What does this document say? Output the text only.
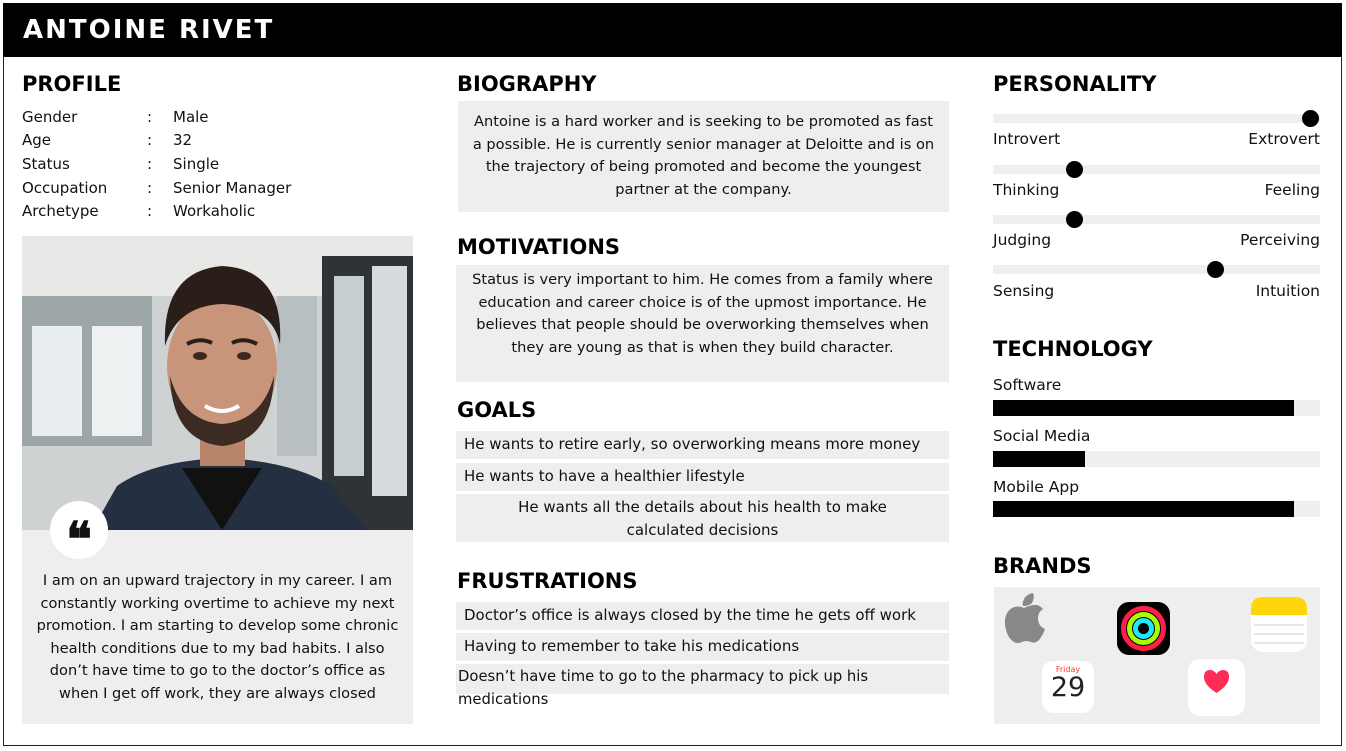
ANTOINE RIVET
PROFILE
Gender	:	Male
Age	:	32
Status	:	Single
Occupation	:	Senior Manager
Archetype	:	Workaholic
❝
I am on an upward trajectory in my career. I am constantly working overtime to achieve my next promotion. I am starting to develop some chronic health conditions due to my bad habits. I also don’t have time to go to the doctor’s office as when I get off work, they are always closed
BIOGRAPHY
Antoine is a hard worker and is seeking to be promoted as fast a possible. He is currently senior manager at Deloitte and is on the trajectory of being promoted and become the youngest partner at the company.
MOTIVATIONS
Status is very important to him. He comes from a family where education and career choice is of the upmost importance. He believes that people should be overworking themselves when they are young as that is when they build character.
GOALS
He wants to retire early, so overworking means more money
He wants to have a healthier lifestyle
He wants all the details about his health to make calculated decisions
FRUSTRATIONS
Doctor’s office is always closed by the time he gets off work
Having to remember to take his medications
Doesn’t have time to go to the pharmacy to pick up his medications
PERSONALITY
Introvert	Extrovert
Thinking	Feeling
Judging	Perceiving
Sensing	Intuition
TECHNOLOGY
Software
Social Media
Mobile App
BRANDS
Friday
29
